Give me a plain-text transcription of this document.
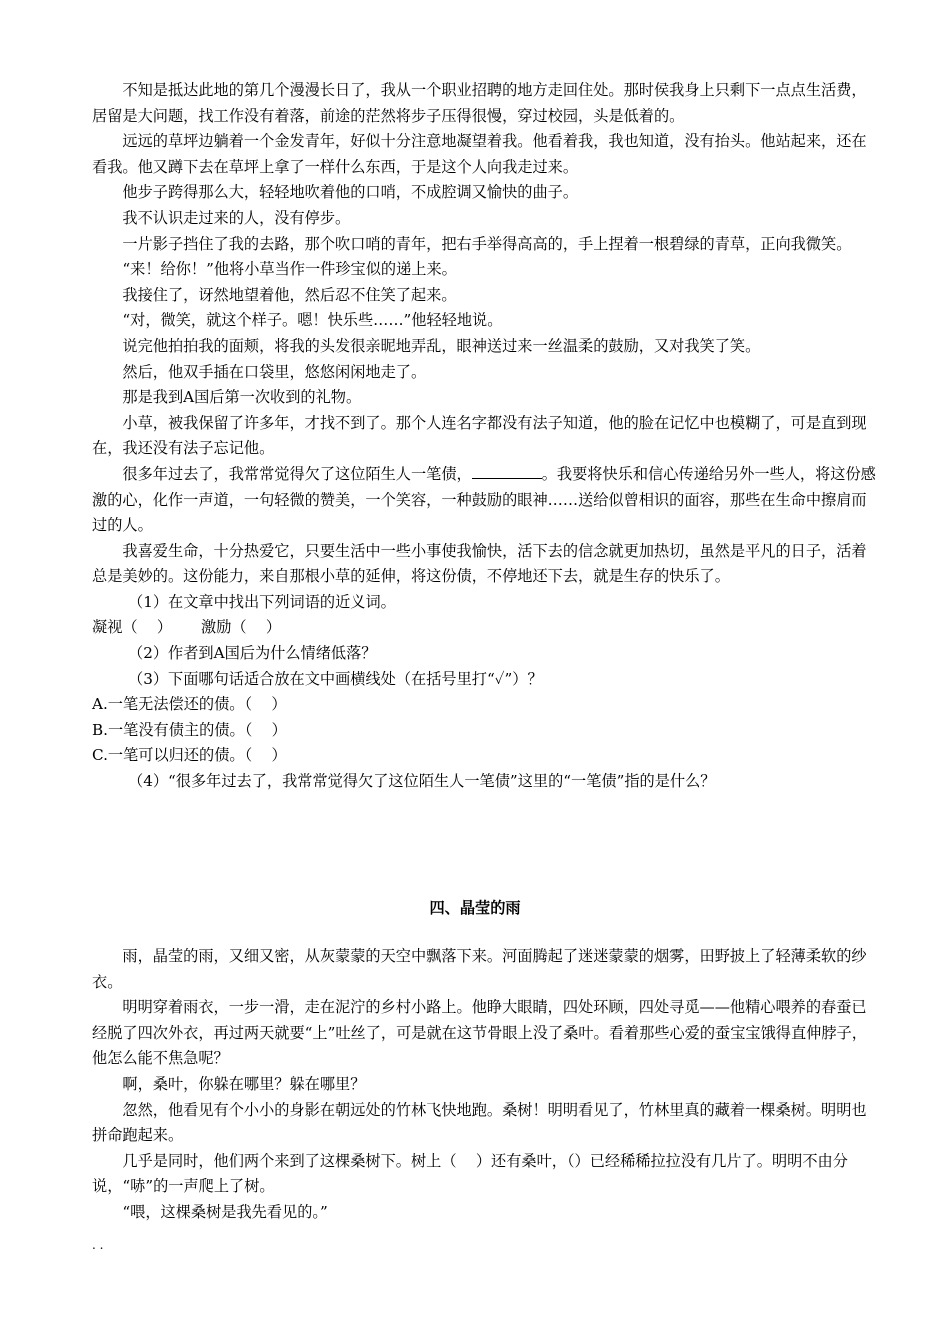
不知是抵达此地的第几个漫漫长日了，我从一个职业招聘的地方走回住处。那时侯我身上只剩下一点点生活费，居留是大问题，找工作没有着落，前途的茫然将步子压得很慢，穿过校园，头是低着的。

远远的草坪边躺着一个金发青年，好似十分注意地凝望着我。他看着我，我也知道，没有抬头。他站起来，还在看我。他又蹲下去在草坪上拿了一样什么东西，于是这个人向我走过来。

他步子跨得那么大，轻轻地吹着他的口哨，不成腔调又愉快的曲子。

我不认识走过来的人，没有停步。

一片影子挡住了我的去路，那个吹口哨的青年，把右手举得高高的，手上捏着一根碧绿的青草，正向我微笑。

“来！给你！”他将小草当作一件珍宝似的递上来。

我接住了，讶然地望着他，然后忍不住笑了起来。

“对，微笑，就这个样子。嗯！快乐些……”他轻轻地说。

说完他拍拍我的面颊，将我的头发很亲昵地弄乱，眼神送过来一丝温柔的鼓励，又对我笑了笑。

然后，他双手插在口袋里，悠悠闲闲地走了。

那是我到A国后第一次收到的礼物。

小草，被我保留了许多年，才找不到了。那个人连名字都没有法子知道，他的脸在记忆中也模糊了，可是直到现在，我还没有法子忘记他。

很多年过去了，我常常觉得欠了这位陌生人一笔债，	。我要将快乐和信心传递给另外一些人，将这份感激的心，化作一声道，一句轻微的赞美，一个笑容，一种鼓励的眼神……送给似曾相识的面容，那些在生命中擦肩而过的人。

我喜爱生命，十分热爱它，只要生活中一些小事使我愉快，活下去的信念就更加热切，虽然是平凡的日子，活着总是美妙的。这份能力，来自那根小草的延伸，将这份债，不停地还下去，就是生存的快乐了。

（1）在文章中找出下列词语的近义词。

凝视（    ）      激励（    ）

（2）作者到A国后为什么情绪低落？

（3）下面哪句话适合放在文中画横线处（在括号里打“✓”）？

A.一笔无法偿还的债。（    ）

B.一笔没有债主的债。（    ）

C.一笔可以归还的债。（    ）

（4）“很多年过去了，我常常觉得欠了这位陌生人一笔债”这里的“一笔债”指的是什么？

四、晶莹的雨

雨，晶莹的雨，又细又密，从灰蒙蒙的天空中飘落下来。河面腾起了迷迷蒙蒙的烟雾，田野披上了轻薄柔软的纱衣。

明明穿着雨衣，一步一滑，走在泥泞的乡村小路上。他睁大眼睛，四处环顾，四处寻觅——他精心喂养的春蚕已经脱了四次外衣，再过两天就要“上”吐丝了，可是就在这节骨眼上没了桑叶。看着那些心爱的蚕宝宝饿得直伸脖子，他怎么能不焦急呢？

啊，桑叶，你躲在哪里？躲在哪里？

忽然，他看见有个小小的身影在朝远处的竹林飞快地跑。桑树！明明看见了，竹林里真的藏着一棵桑树。明明也拼命跑起来。

几乎是同时，他们两个来到了这棵桑树下。树上（    ）还有桑叶，（）已经稀稀拉拉没有几片了。明明不由分说，“哧”的一声爬上了树。

“喂，这棵桑树是我先看见的。”

. .
